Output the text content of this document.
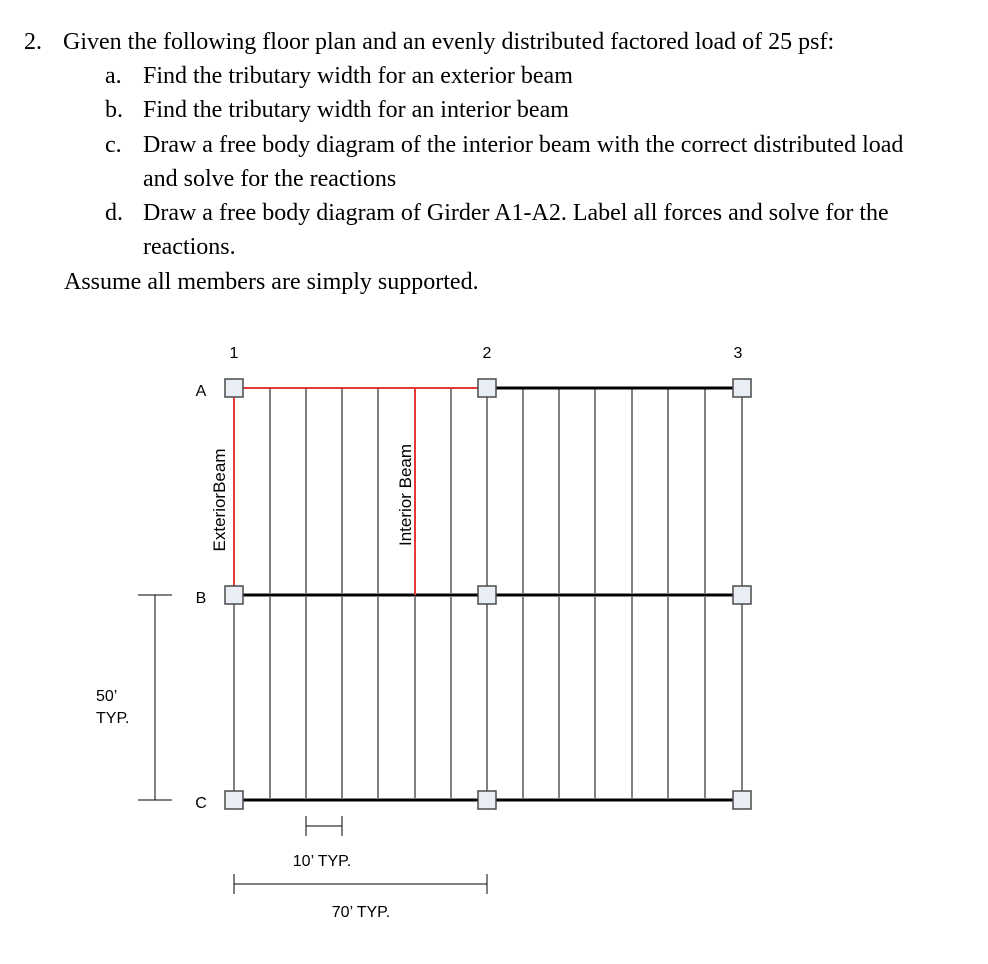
2. Given the following floor plan and an evenly distributed factored load of 25 psf:
a. Find the tributary width for an exterior beam
b. Find the tributary width for an interior beam
c. Draw a free body diagram of the interior beam with the correct distributed load
and solve for the reactions
d. Draw a free body diagram of Girder A1-A2. Label all forces and solve for the
reactions.
Assume all members are simply supported.
1	2	3
A
B
C
ExteriorBeam	Interior Beam
50’
TYP.
10’ TYP.
70’ TYP.
